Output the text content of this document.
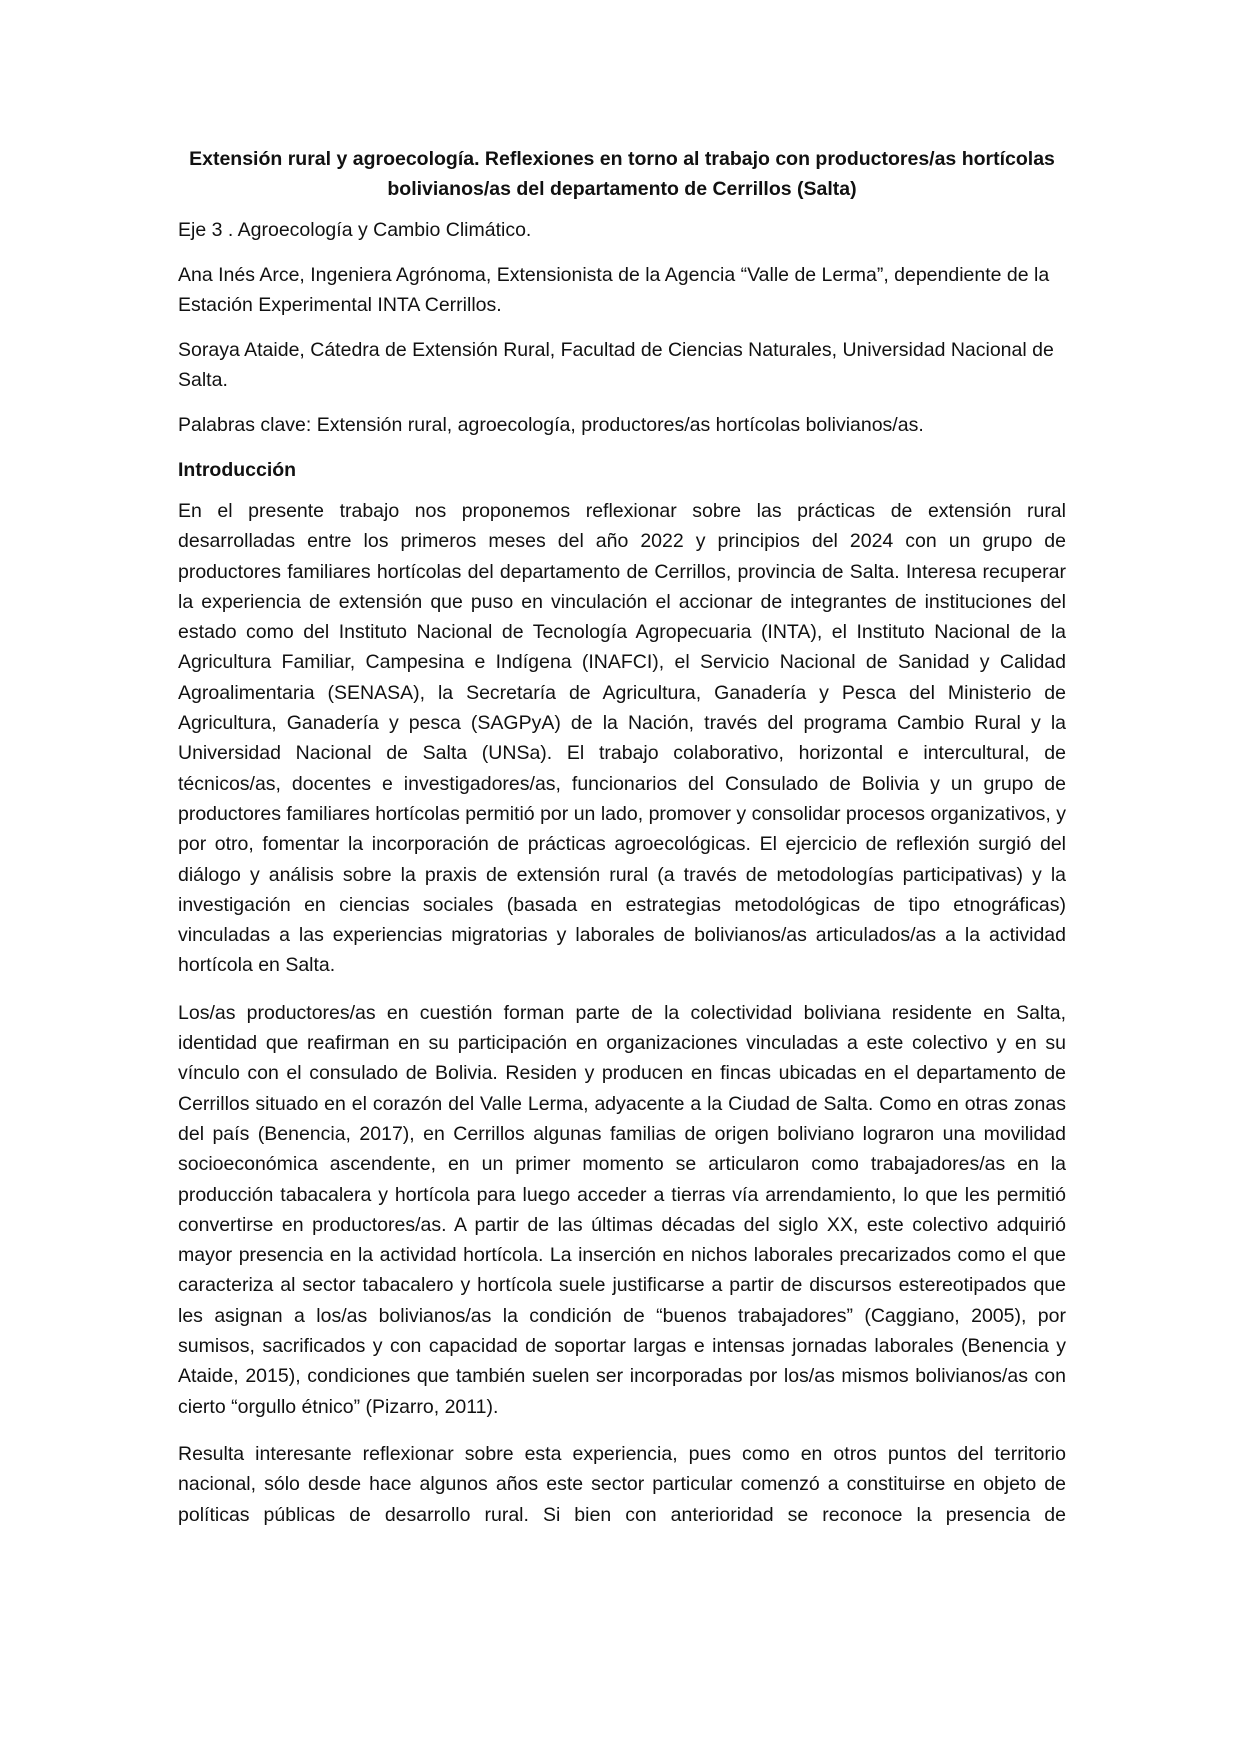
Extensión rural y agroecología. Reflexiones en torno al trabajo con productores/as hortícolas bolivianos/as del departamento de Cerrillos (Salta)
Eje 3 . Agroecología y Cambio Climático.
Ana Inés Arce, Ingeniera Agrónoma, Extensionista de la Agencia “Valle de Lerma”, dependiente de la Estación Experimental INTA Cerrillos.
Soraya Ataide, Cátedra de Extensión Rural, Facultad de Ciencias Naturales, Universidad Nacional de Salta.
Palabras clave: Extensión rural, agroecología, productores/as hortícolas bolivianos/as.
Introducción

En el presente trabajo nos proponemos reflexionar sobre las prácticas de extensión rural desarrolladas entre los primeros meses del año 2022 y principios del 2024 con un grupo de productores familiares hortícolas del departamento de Cerrillos, provincia de Salta. Interesa recuperar la experiencia de extensión que puso en vinculación el accionar de integrantes de instituciones del estado como del Instituto Nacional de Tecnología Agropecuaria (INTA), el Instituto Nacional de la Agricultura Familiar, Campesina e Indígena (INAFCI), el Servicio Nacional de Sanidad y Calidad Agroalimentaria (SENASA), la Secretaría de Agricultura, Ganadería y Pesca del Ministerio de Agricultura, Ganadería y pesca (SAGPyA) de la Nación, través del programa Cambio Rural y la Universidad Nacional de Salta (UNSa). El trabajo colaborativo, horizontal e intercultural, de técnicos/as, docentes e investigadores/as, funcionarios del Consulado de Bolivia y un grupo de productores familiares hortícolas permitió por un lado, promover y consolidar procesos organizativos, y por otro, fomentar la incorporación de prácticas agroecológicas. El ejercicio de reflexión surgió del diálogo y análisis sobre la praxis de extensión rural (a través de metodologías participativas) y la investigación en ciencias sociales (basada en estrategias metodológicas de tipo etnográficas) vinculadas a las experiencias migratorias y laborales de bolivianos/as articulados/as a la actividad hortícola en Salta.

Los/as productores/as en cuestión forman parte de la colectividad boliviana residente en Salta, identidad que reafirman en su participación en organizaciones vinculadas a este colectivo y en su vínculo con el consulado de Bolivia. Residen y producen en fincas ubicadas en el departamento de Cerrillos situado en el corazón del Valle Lerma, adyacente a la Ciudad de Salta. Como en otras zonas del país (Benencia, 2017), en Cerrillos algunas familias de origen boliviano lograron una movilidad socioeconómica ascendente, en un primer momento se articularon como trabajadores/as en la producción tabacalera y hortícola para luego acceder a tierras vía arrendamiento, lo que les permitió convertirse en productores/as. A partir de las últimas décadas del siglo XX, este colectivo adquirió mayor presencia en la actividad hortícola. La inserción en nichos laborales precarizados como el que caracteriza al sector tabacalero y hortícola suele justificarse a partir de discursos estereotipados que les asignan a los/as bolivianos/as la condición de “buenos trabajadores” (Caggiano, 2005), por sumisos, sacrificados y con capacidad de soportar largas e intensas jornadas laborales (Benencia y Ataide, 2015), condiciones que también suelen ser incorporadas por los/as mismos bolivianos/as con cierto “orgullo étnico” (Pizarro, 2011).

Resulta interesante reflexionar sobre esta experiencia, pues como en otros puntos del territorio nacional, sólo desde hace algunos años este sector particular comenzó a constituirse en objeto de políticas públicas de desarrollo rural. Si bien con anterioridad se reconoce la presencia de
